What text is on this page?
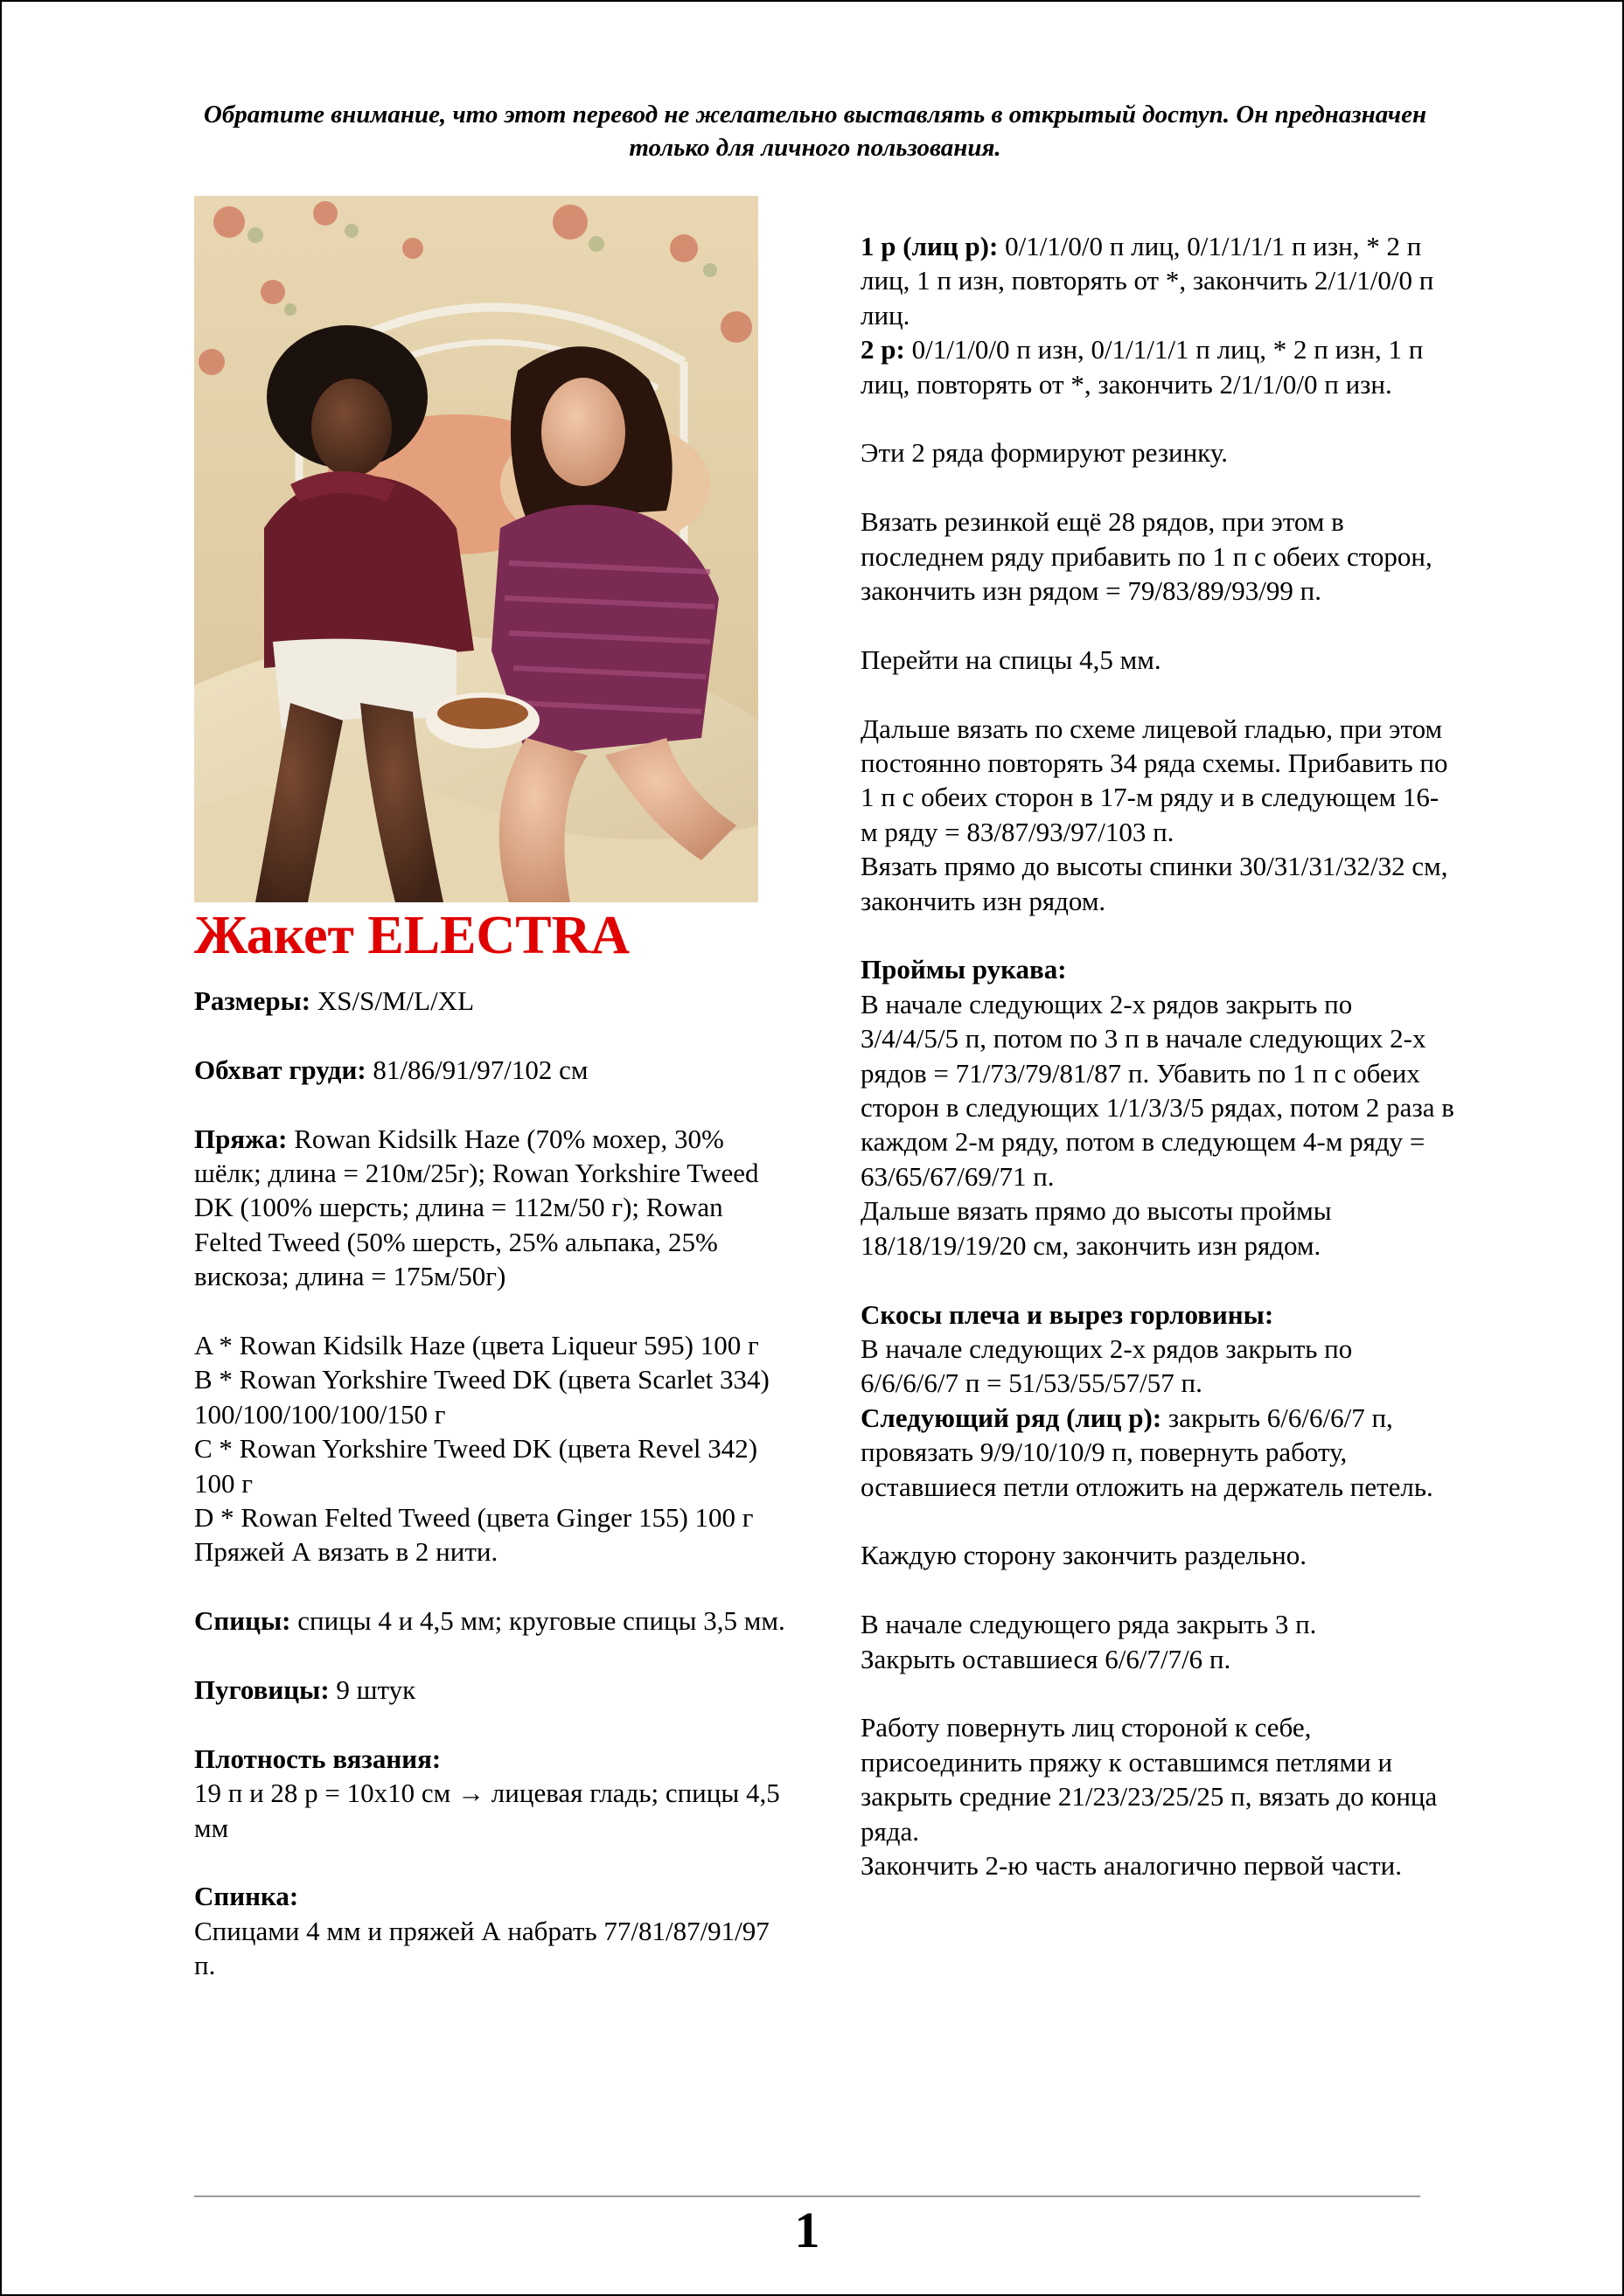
Обратите внимание, что этот перевод не желательно выставлять в открытый доступ. Он предназначен только для личного пользования.
Жакет ELECTRA

Размеры: XS/S/M/L/XL

Обхват груди: 81/86/91/97/102 см

Пряжа: Rowan Kidsilk Haze (70% мохер, 30% шёлк; длина = 210м/25г); Rowan Yorkshire Tweed DK (100% шерсть; длина = 112м/50 г); Rowan Felted Tweed (50% шерсть, 25% альпака, 25% вискоза; длина = 175м/50г)

A * Rowan Kidsilk Haze (цвета Liqueur 595) 100 г

B * Rowan Yorkshire Tweed DK (цвета Scarlet 334) 100/100/100/100/150 г

C * Rowan Yorkshire Tweed DK (цвета Revel 342) 100 г

D * Rowan Felted Tweed (цвета Ginger 155) 100 г

Пряжей А вязать в 2 нити.

Спицы: спицы 4 и 4,5 мм; круговые спицы 3,5 мм.

Пуговицы: 9 штук

Плотность вязания:

19 п и 28 р = 10х10 см → лицевая гладь; спицы 4,5 мм

Спинка:

Спицами 4 мм и пряжей А набрать 77/81/87/91/97 п.

1 р (лиц р): 0/1/1/0/0 п лиц, 0/1/1/1/1 п изн, * 2 п лиц, 1 п изн, повторять от *, закончить 2/1/1/0/0 п лиц.

2 р: 0/1/1/0/0 п изн, 0/1/1/1/1 п лиц, * 2 п изн, 1 п лиц, повторять от *, закончить 2/1/1/0/0 п изн.

Эти 2 ряда формируют резинку.

Вязать резинкой ещё 28 рядов, при этом в последнем ряду прибавить по 1 п с обеих сторон, закончить изн рядом = 79/83/89/93/99 п.

Перейти на спицы 4,5 мм.

Дальше вязать по схеме лицевой гладью, при этом постоянно повторять 34 ряда схемы. Прибавить по 1 п с обеих сторон в 17-м ряду и в следующем 16-м ряду = 83/87/93/97/103 п.

Вязать прямо до высоты спинки 30/31/31/32/32 см, закончить изн рядом.

Проймы рукава:

В начале следующих 2-х рядов закрыть по 3/4/4/5/5 п, потом по 3 п в начале следующих 2-х рядов = 71/73/79/81/87 п. Убавить по 1 п с обеих сторон в следующих 1/1/3/3/5 рядах, потом 2 раза в каждом 2-м ряду, потом в следующем 4-м ряду = 63/65/67/69/71 п.

Дальше вязать прямо до высоты проймы 18/18/19/19/20 см, закончить изн рядом.

Скосы плеча и вырез горловины:

В начале следующих 2-х рядов закрыть по 6/6/6/6/7 п = 51/53/55/57/57 п.

Следующий ряд (лиц р): закрыть 6/6/6/6/7 п, провязать 9/9/10/10/9 п, повернуть работу, оставшиеся петли отложить на держатель петель.

Каждую сторону закончить раздельно.

В начале следующего ряда закрыть 3 п.

Закрыть оставшиеся 6/6/7/7/6 п.

Работу повернуть лиц стороной к себе, присоединить пряжу к оставшимся петлями и закрыть средние 21/23/23/25/25 п, вязать до конца ряда.

Закончить 2-ю часть аналогично первой части.

1
